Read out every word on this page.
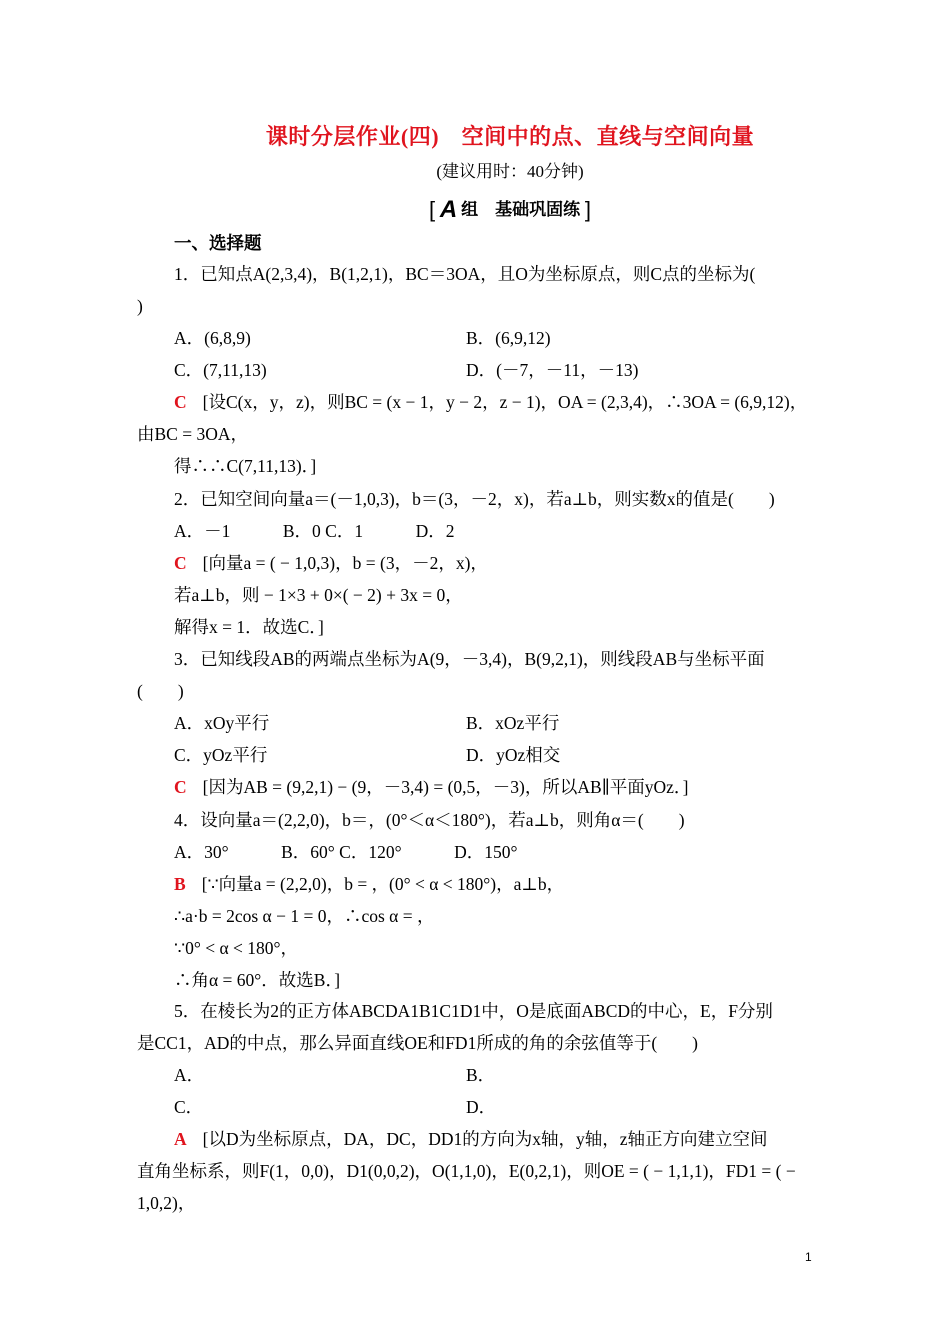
课时分层作业(四)　空间中的点、直线与空间向量
(建议用时：40分钟)
[ A 组　基础巩固练 ]
一、选择题
1．已知点A(2,3,4)，B(1,2,1)，BC＝3OA，且O为坐标原点，则C点的坐标为(
)
A．(6,8,9)	B．(6,9,12)
C．(7,11,13)	D．(－7，－11，－13)
C [设C(x，y，z)，则BC = (x − 1，y − 2，z − 1)，OA = (2,3,4)，∴3OA = (6,9,12)，
由BC = 3OA，
得∴∴C(7,11,13)．]
2．已知空间向量a＝(－1,0,3)，b＝(3，－2，x)，若a⊥b，则实数x的值是(　　)
A．－1　　　B．0 C．1　　　D．2
C [向量a = ( − 1,0,3)，b = (3，－2，x)，
若a⊥b，则 − 1×3 + 0×( − 2) + 3x = 0，
解得x = 1．故选C．]
3．已知线段AB的两端点坐标为A(9，－3,4)，B(9,2,1)，则线段AB与坐标平面
(　　)
A．xOy平行	B．xOz平行
C．yOz平行	D．yOz相交
C [因为AB = (9,2,1) − (9，－3,4) = (0,5，－3)，所以AB∥平面yOz．]
4．设向量a＝(2,2,0)，b＝，(0°＜α＜180°)，若a⊥b，则角α＝(　　)
A．30°　　　B．60° C．120°　　　D．150°
B [∵向量a = (2,2,0)，b = ，(0° < α < 180°)，a⊥b，
∴a·b = 2cos α − 1 = 0，∴cos α = ，
∵0° < α < 180°，
∴角α = 60°．故选B．]
5．在棱长为2的正方体ABCDA1B1C1D1中，O是底面ABCD的中心，E，F分别
是CC1，AD的中点，那么异面直线OE和FD1所成的角的余弦值等于(　　)
A．	B．
C．	D．
A [以D为坐标原点，DA，DC，DD1的方向为x轴，y轴，z轴正方向建立空间
直角坐标系，则F(1，0,0)，D1(0,0,2)，O(1,1,0)，E(0,2,1)，则OE = ( − 1,1,1)，FD1 = ( −
1,0,2)，
1
